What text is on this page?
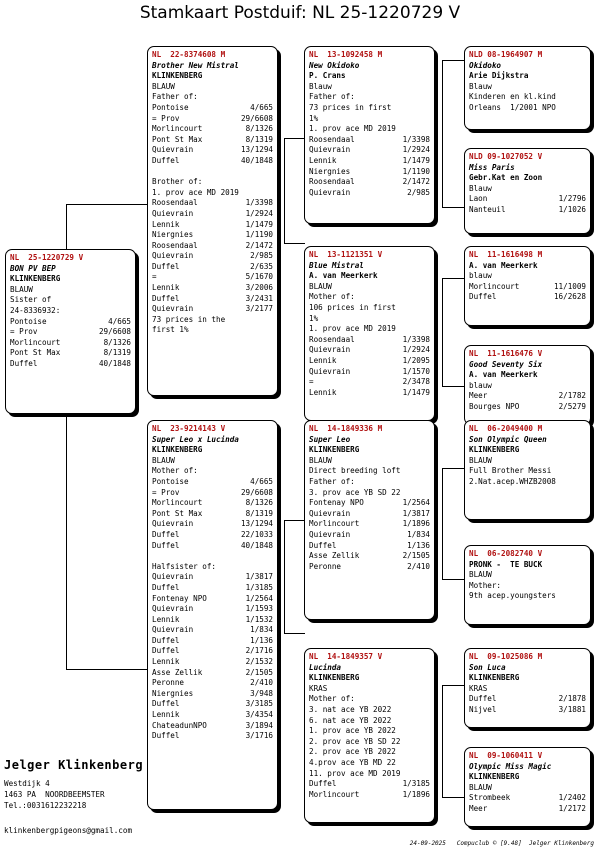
Stamkaart Postduif: NL 25-1220729 V
NL  25-1220729 V
BON PV BEP
KLINKENBERG
BLAUW
Sister of
24-8336932:
Pontoise	4/665
= Prov	29/6608
Morlincourt	8/1326
Pont St Max	8/1319
Duffel	40/1848
NL  22-8374608 M
Brother New Mistral
KLINKENBERG
BLAUW
Father of:
Pontoise	4/665
= Prov	29/6608
Morlincourt	8/1326
Pont St Max	8/1319
Quievrain	13/1294
Duffel	40/1848
Brother of:
1. prov ace MD 2019
Roosendaal	1/3398
Quievrain	1/2924
Lennik	1/1479
Niergnies	1/1190
Roosendaal	2/1472
Quievrain	2/985
Duffel	2/635
=	5/1670
Lennik	3/2006
Duffel	3/2431
Quievrain	3/2177
73 prices in the
first 1%
NL  23-9214143 V
Super Leo x Lucinda
KLINKENBERG
BLAUW
Mother of:
Pontoise	4/665
= Prov	29/6608
Morlincourt	8/1326
Pont St Max	8/1319
Quievrain	13/1294
Duffel	22/1033
Duffel	40/1848
Halfsister of:
Quievrain	1/3817
Duffel	1/3185
Fontenay NPO	1/2564
Quievrain	1/1593
Lennik	1/1532
Quievrain	1/834
Duffel	1/136
Duffel	2/1716
Lennik	2/1532
Asse Zellik	2/1505
Peronne	2/410
Niergnies	3/948
Duffel	3/3185
Lennik	3/4354
ChateadunNPO	3/1894
Duffel	3/1716
NL  13-1092458 M
New Okidoko
P. Crans
Blauw
Father of:
73 prices in first
1%
1. prov ace MD 2019
Roosendaal	1/3398
Quievrain	1/2924
Lennik	1/1479
Niergnies	1/1190
Roosendaal	2/1472
Quievrain	2/985
NL  13-1121351 V
Blue Mistral
A. van Meerkerk
BLAUW
Mother of:
106 prices in first
1%
1. prov ace MD 2019
Roosendaal	1/3398
Quievrain	1/2924
Lennik	1/2095
Quievrain	1/1570
=	2/3478
Lennik	1/1479
NL  14-1849336 M
Super Leo
KLINKENBERG
BLAUW
Direct breeding loft
Father of:
3. prov ace YB SD 22
Fontenay NPO	1/2564
Quievrain	1/3817
Morlincourt	1/1896
Quievrain	1/834
Duffel	1/136
Asse Zellik	2/1505
Peronne	2/410
NL  14-1849357 V
Lucinda
KLINKENBERG
KRAS
Mother of:
3. nat ace YB 2022
6. nat ace YB 2022
1. prov ace YB 2022
2. prov ace YB SD 22
2. prov ace YB 2022
4.prov ace YB MD 22
11. prov ace MD 2019
Duffel	1/3185
Morlincourt	1/1896
NLD 08-1964907 M
Okidoko
Arie Dijkstra
Blauw
Kinderen en kl.kind
Orleans  1/2001 NPO
NLD 09-1027052 V
Miss Paris
Gebr.Kat en Zoon
Blauw
Laon	1/2796
Nanteuil	1/1026
NL  11-1616498 M
A. van Meerkerk
blauw
Morlincourt	11/1009
Duffel	16/2628
NL  11-1616476 V
Good Seventy Six
A. van Meerkerk
blauw
Meer	2/1782
Bourges NPO	2/5279
NL  06-2049400 M
Son Olympic Queen
KLINKENBERG
BLAUW
Full Brother Messi
2.Nat.acep.WHZB2008
NL  06-2082740 V
PRONK -  TE BUCK
BLAUW
Mother:
9th acep.youngsters
NL  09-1025086 M
Son Luca
KLINKENBERG
KRAS
Duffel	2/1878
Nijvel	3/1881
NL  09-1060411 V
Olympic Miss Magic
KLINKENBERG
BLAUW
Strombeek	1/2402
Meer	1/2172
Jelger Klinkenberg
Westdijk 4
1463 PA  NOORDBEEMSTER
Tel.:0031612232218
klinkenbergpigeons@gmail.com
24-09-2025   Compuclub © [9.48]  Jelger Klinkenberg
